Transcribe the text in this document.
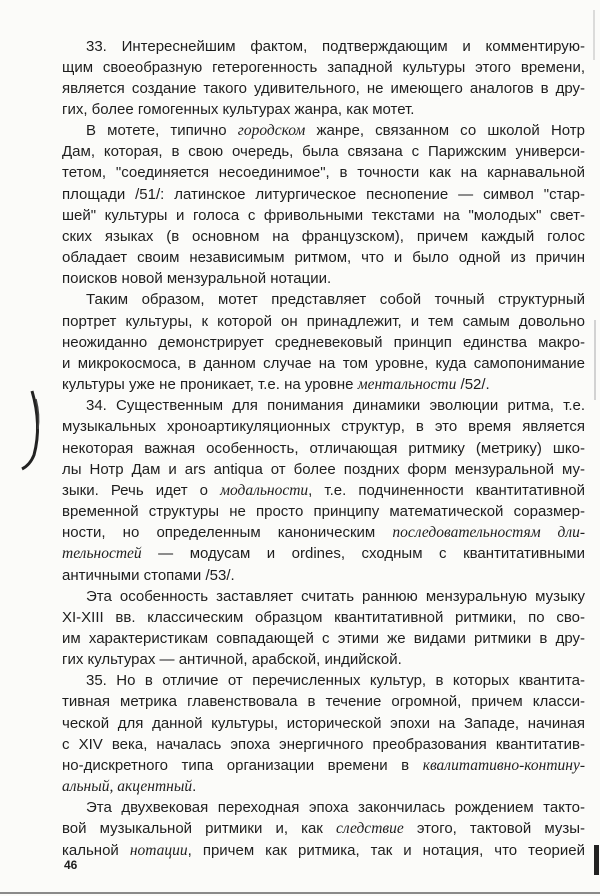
33. Интереснейшим фактом, подтверждающим и комментирую-
щим своеобразную гетерогенность западной культуры этого времени,
является создание такого удивительного, не имеющего аналогов в дру-
гих, более гомогенных культурах жанра, как мотет.
В мотете, типично городском жанре, связанном со школой Нотр
Дам, которая, в свою очередь, была связана с Парижским универси-
тетом, "соединяется несоединимое", в точности как на карнавальной
площади /51/: латинское литургическое песнопение — символ "стар-
шей" культуры и голоса с фривольными текстами на "молодых" свет-
ских языках (в основном на французском), причем каждый голос
обладает своим независимым ритмом, что и было одной из причин
поисков новой мензуральной нотации.
Таким образом, мотет представляет собой точный структурный
портрет культуры, к которой он принадлежит, и тем самым довольно
неожиданно демонстрирует средневековый принцип единства макро-
и микрокосмоса, в данном случае на том уровне, куда самопонимание
культуры уже не проникает, т.е. на уровне ментальности /52/.
34. Существенным для понимания динамики эволюции ритма, т.е.
музыкальных хроноартикуляционных структур, в это время является
некоторая важная особенность, отличающая ритмику (метрику) шко-
лы Нотр Дам и ars antiqua от более поздних форм мензуральной му-
зыки. Речь идет о модальности, т.е. подчиненности квантитативной
временной структуры не просто принципу математической соразмер-
ности, но определенным каноническим последовательностям дли-
тельностей — модусам и ordines, сходным с квантитативными
античными стопами /53/.
Эта особенность заставляет считать раннюю мензуральную музыку
XI-XIII вв. классическим образцом квантитативной ритмики, по сво-
им характеристикам совпадающей с этими же видами ритмики в дру-
гих культурах — античной, арабской, индийской.
35. Но в отличие от перечисленных культур, в которых квантита-
тивная метрика главенствовала в течение огромной, причем класси-
ческой для данной культуры, исторической эпохи на Западе, начиная
с XIV века, началась эпоха энергичного преобразования квантитатив-
но-дискретного типа организации времени в квалитативно-контину-
альный, акцентный.
Эта двухвековая переходная эпоха закончилась рождением такто-
вой музыкальной ритмики и, как следствие этого, тактовой музы-
кальной нотации, причем как ритмика, так и нотация, что теорией
46
